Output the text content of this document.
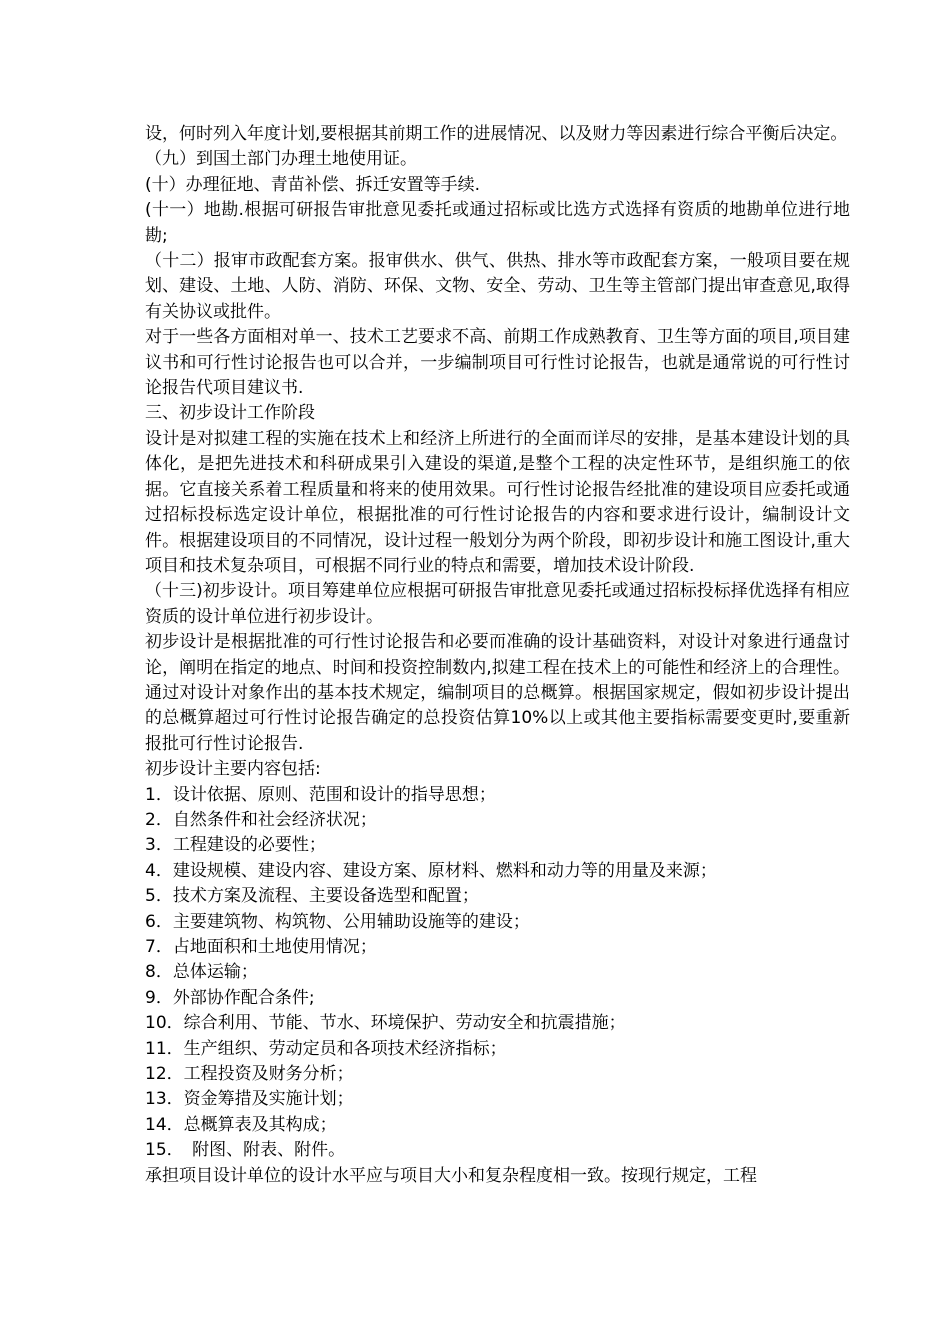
设，何时列入年度计划,要根据其前期工作的进展情况、以及财力等因素进行综合平衡后决定。

（九）到国土部门办理土地使用证。

(十）办理征地、青苗补偿、拆迁安置等手续.

(十一）地勘.根据可研报告审批意见委托或通过招标或比选方式选择有资质的地勘单位进行地勘;

（十二）报审市政配套方案。报审供水、供气、供热、排水等市政配套方案，一般项目要在规划、建设、土地、人防、消防、环保、文物、安全、劳动、卫生等主管部门提出审查意见,取得有关协议或批件。

对于一些各方面相对单一、技术工艺要求不高、前期工作成熟教育、卫生等方面的项目,项目建议书和可行性讨论报告也可以合并，一步编制项目可行性讨论报告，也就是通常说的可行性讨论报告代项目建议书.

三、初步设计工作阶段

设计是对拟建工程的实施在技术上和经济上所进行的全面而详尽的安排，是基本建设计划的具体化，是把先进技术和科研成果引入建设的渠道,是整个工程的决定性环节，是组织施工的依据。它直接关系着工程质量和将来的使用效果。可行性讨论报告经批准的建设项目应委托或通过招标投标选定设计单位，根据批准的可行性讨论报告的内容和要求进行设计，编制设计文件。根据建设项目的不同情况，设计过程一般划分为两个阶段，即初步设计和施工图设计,重大项目和技术复杂项目，可根据不同行业的特点和需要，增加技术设计阶段.

（十三)初步设计。项目筹建单位应根据可研报告审批意见委托或通过招标投标择优选择有相应资质的设计单位进行初步设计。

初步设计是根据批准的可行性讨论报告和必要而准确的设计基础资料，对设计对象进行通盘讨论，阐明在指定的地点、时间和投资控制数内,拟建工程在技术上的可能性和经济上的合理性。通过对设计对象作出的基本技术规定，编制项目的总概算。根据国家规定，假如初步设计提出的总概算超过可行性讨论报告确定的总投资估算10%以上或其他主要指标需要变更时,要重新报批可行性讨论报告.

初步设计主要内容包括:

1．设计依据、原则、范围和设计的指导思想；

2．自然条件和社会经济状况；

3．工程建设的必要性；

4．建设规模、建设内容、建设方案、原材料、燃料和动力等的用量及来源；

5．技术方案及流程、主要设备选型和配置；

6．主要建筑物、构筑物、公用辅助设施等的建设；

7．占地面积和土地使用情况；

8．总体运输；

9．外部协作配合条件;

10．综合利用、节能、节水、环境保护、劳动安全和抗震措施；

11．生产组织、劳动定员和各项技术经济指标；

12．工程投资及财务分析；

13．资金筹措及实施计划；

14．总概算表及其构成；

15．　附图、附表、附件。

承担项目设计单位的设计水平应与项目大小和复杂程度相一致。按现行规定，工程
